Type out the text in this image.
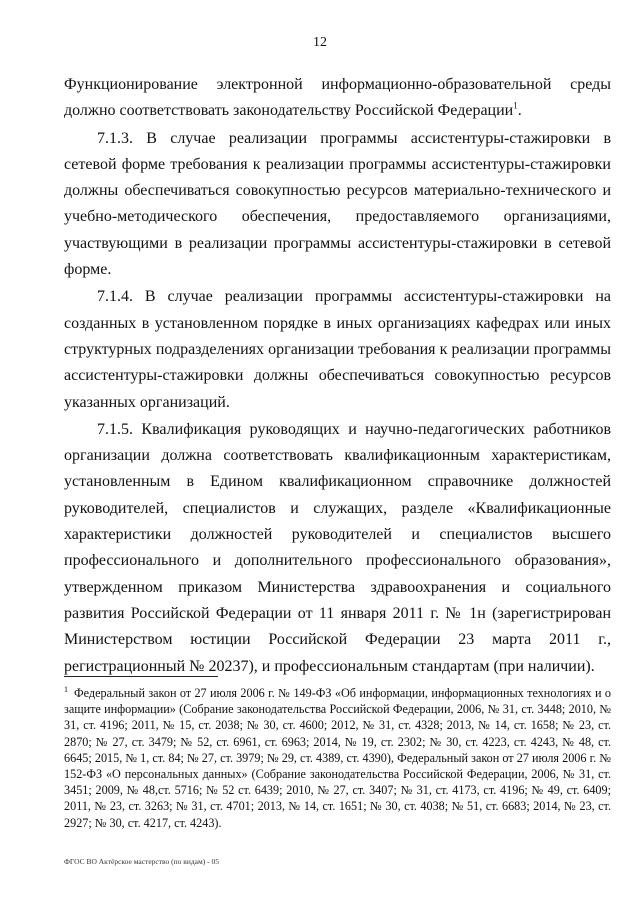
12

Функционирование электронной информационно-образовательной среды должно соответствовать законодательству Российской Федерации$^1$.

7.1.3. В случае реализации программы ассистентуры-стажировки в сетевой форме требования к реализации программы ассистентуры-стажировки должны обеспечиваться совокупностью ресурсов материально-технического и учебно-методического обеспечения, предоставляемого организациями, участвующими в реализации программы ассистентуры-стажировки в сетевой форме.

7.1.4. В случае реализации программы ассистентуры-стажировки на созданных в установленном порядке в иных организациях кафедрах или иных структурных подразделениях организации требования к реализации программы ассистентуры-стажировки должны обеспечиваться совокупностью ресурсов указанных организаций.

7.1.5. Квалификация руководящих и научно-педагогических работников организации должна соответствовать квалификационным характеристикам, установленным в Едином квалификационном справочнике должностей руководителей, специалистов и служащих, разделе «Квалификационные характеристики должностей руководителей и специалистов высшего профессионального и дополнительного профессионального образования», утвержденном приказом Министерства здравоохранения и социального развития Российской Федерации от 11 января 2011 г. № 1н (зарегистрирован Министерством юстиции Российской Федерации 23 марта 2011 г., регистрационный № 20237), и профессиональным стандартам (при наличии).

$^1$ Федеральный закон от 27 июля 2006 г. № 149-ФЗ «Об информации, информационных технологиях и о защите информации» (Собрание законодательства Российской Федерации, 2006, № 31, ст. 3448; 2010, № 31, ст. 4196; 2011, № 15, ст. 2038; № 30, ст. 4600; 2012, № 31, ст. 4328; 2013, № 14, ст. 1658; № 23, ст. 2870; № 27, ст. 3479; № 52, ст. 6961, ст. 6963; 2014, № 19, ст. 2302; № 30, ст. 4223, ст. 4243, № 48, ст. 6645; 2015, № 1, ст. 84; № 27, ст. 3979; № 29, ст. 4389, ст. 4390), Федеральный закон от 27 июля 2006 г. № 152-ФЗ «О персональных данных» (Собрание законодательства Российской Федерации, 2006, № 31, ст. 3451; 2009, № 48,ст. 5716; № 52 ст. 6439; 2010, № 27, ст. 3407; № 31, ст. 4173, ст. 4196; № 49, ст. 6409; 2011, № 23, ст. 3263; № 31, ст. 4701; 2013, № 14, ст. 1651; № 30, ст. 4038; № 51, ст. 6683; 2014, № 23, ст. 2927; № 30, ст. 4217, ст. 4243).
ФГОС ВО Актёрское мастерство (по видам) - 05
